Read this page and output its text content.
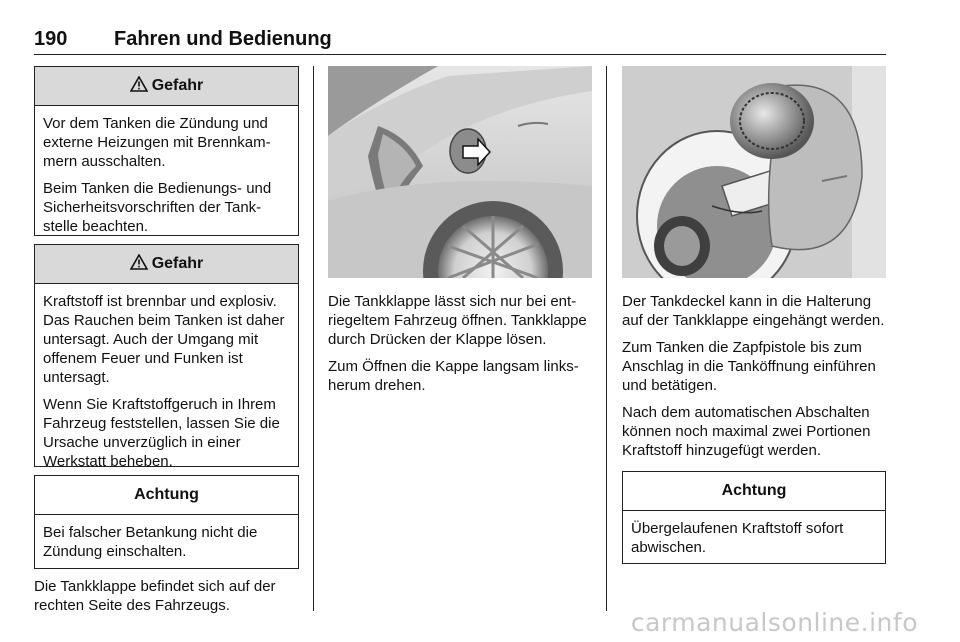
190 Fahren und Bedienung
Gefahr

Vor dem Tanken die Zündung und externe Heizungen mit Brennkammern ausschalten.

Beim Tanken die Bedienungs- und Sicherheitsvorschriften der Tankstelle beachten.

Gefahr

Kraftstoff ist brennbar und explosiv. Das Rauchen beim Tanken ist daher untersagt. Auch der Umgang mit offenem Feuer und Funken ist untersagt.

Wenn Sie Kraftstoffgeruch in Ihrem Fahrzeug feststellen, lassen Sie die Ursache unverzüglich in einer Werkstatt beheben.

Achtung

Bei falscher Betankung nicht die Zündung einschalten.

Die Tankklappe befindet sich auf der rechten Seite des Fahrzeugs.

Die Tankklappe lässt sich nur bei entriegeltem Fahrzeug öffnen. Tankklappe durch Drücken der Klappe lösen.

Zum Öffnen die Kappe langsam linksherum drehen.

Der Tankdeckel kann in die Halterung auf der Tankklappe eingehängt werden.

Zum Tanken die Zapfpistole bis zum Anschlag in die Tanköffnung einführen und betätigen.

Nach dem automatischen Abschalten können noch maximal zwei Portionen Kraftstoff hinzugefügt werden.

Achtung

Übergelaufenen Kraftstoff sofort abwischen.

carmanualsonline.info
